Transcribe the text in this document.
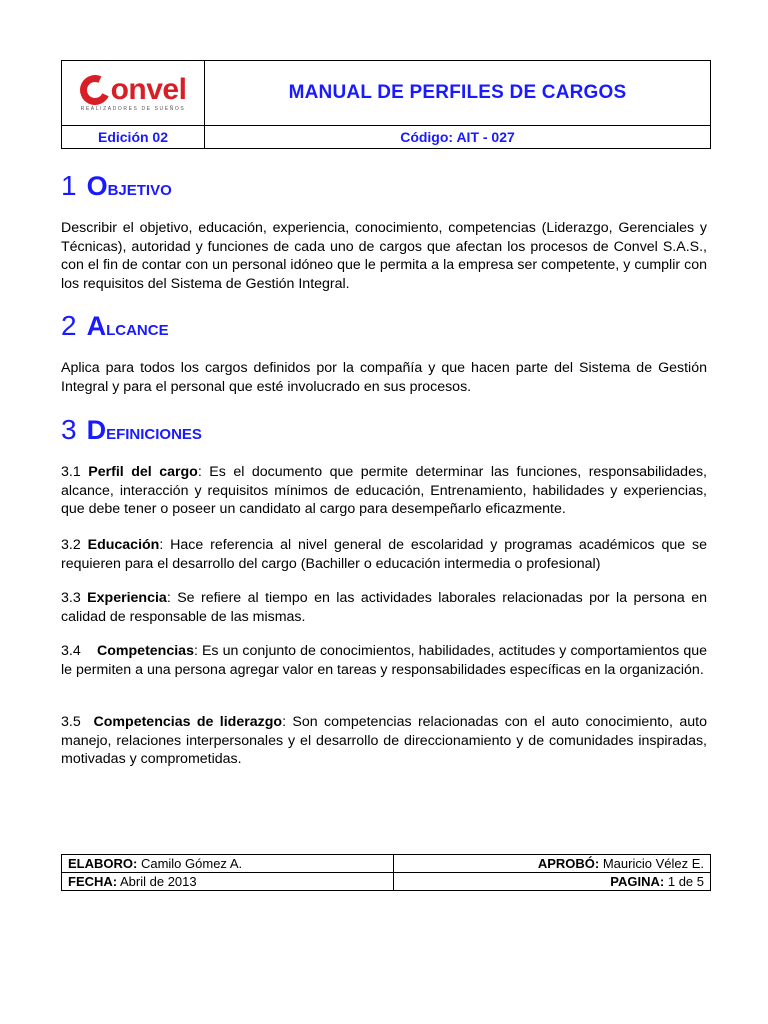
onvel
REALIZADORES DE SUEÑOS	MANUAL DE PERFILES DE CARGOS
Edición 02	Código: AIT - 027
1 O BJETIVO

Describir el objetivo, educación, experiencia, conocimiento, competencias (Liderazgo, Gerenciales y Técnicas), autoridad y funciones de cada uno de cargos que afectan los procesos de Convel S.A.S., con el fin de contar con un personal idóneo que le permita a la empresa ser competente, y cumplir con los requisitos del Sistema de Gestión Integral.

2 A LCANCE

Aplica para todos los cargos definidos por la compañía y que hacen parte del Sistema de Gestión Integral y para el personal que esté involucrado en sus procesos.

3 D EFINICIONES

3.1 Perfil del cargo: Es el documento que permite determinar las funciones, responsabilidades, alcance, interacción y requisitos mínimos de educación, Entrenamiento, habilidades y experiencias, que debe tener o poseer un candidato al cargo para desempeñarlo eficazmente.

3.2 Educación: Hace referencia al nivel general de escolaridad y programas académicos que se requieren para el desarrollo del cargo (Bachiller o educación intermedia o profesional)

3.3 Experiencia: Se refiere al tiempo en las actividades laborales relacionadas por la persona en calidad de responsable de las mismas.

3.4 Competencias: Es un conjunto de conocimientos, habilidades, actitudes y comportamientos que le permiten a una persona agregar valor en tareas y responsabilidades específicas en la organización.

3.5 Competencias de liderazgo: Son competencias relacionadas con el auto conocimiento, auto manejo, relaciones interpersonales y el desarrollo de direccionamiento y de comunidades inspiradas, motivadas y comprometidas.

ELABORO: Camilo Gómez A.	APROBÓ: Mauricio Vélez E.
FECHA: Abril de 2013	PAGINA: 1 de 5
